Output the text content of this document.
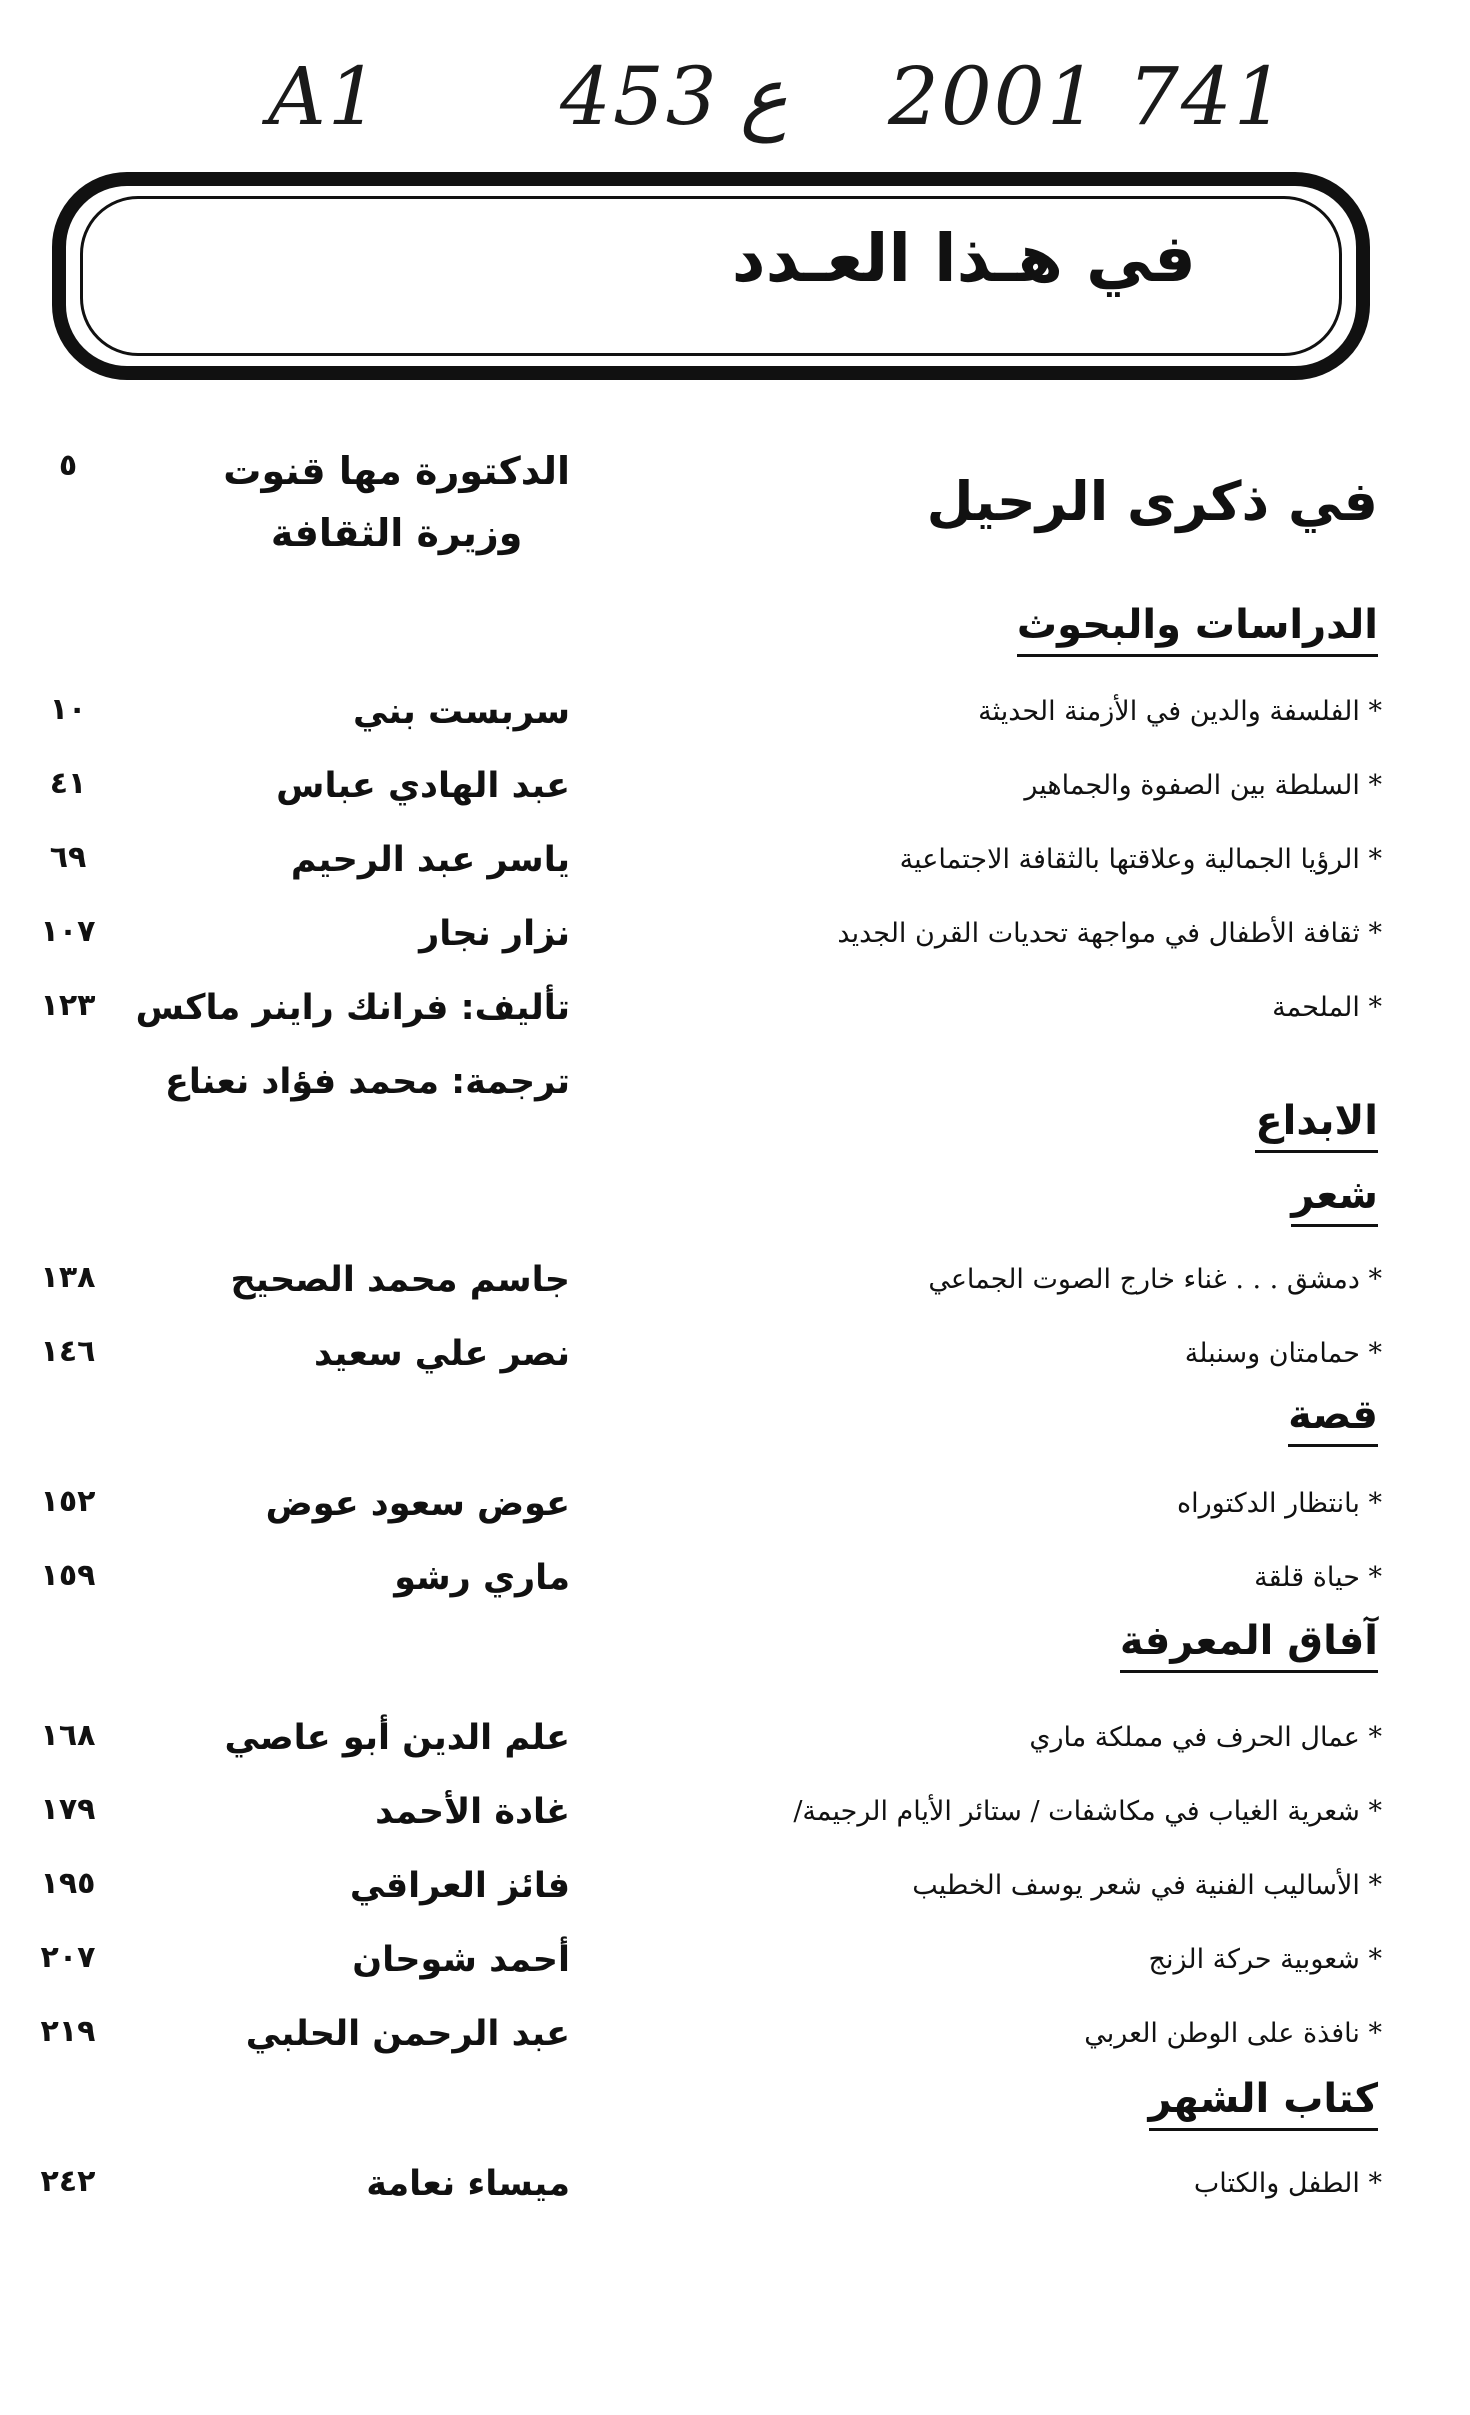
A1 453 ع 2001 741
في هـذا العـدد
في ذكرى الرحيل
الدكتورة مها قنوت
وزيرة الثقافة
٥
الدراسات والبحوث
* الفلسفة والدين في الأزمنة الحديثة
سربست بني
١٠
* السلطة بين الصفوة والجماهير
عبد الهادي عباس
٤١
* الرؤيا الجمالية وعلاقتها بالثقافة الاجتماعية
ياسر عبد الرحيم
٦٩
* ثقافة الأطفال في مواجهة تحديات القرن الجديد
نزار نجار
١٠٧
* الملحمة
تأليف: فرانك راينر ماكس
١٢٣
ترجمة: محمد فؤاد نعناع
الابداع
شعر
* دمشق . . . غناء خارج الصوت الجماعي
جاسم محمد الصحيح
١٣٨
* حمامتان وسنبلة
نصر علي سعيد
١٤٦
قصة
* بانتظار الدكتوراه
عوض سعود عوض
١٥٢
* حياة قلقة
ماري رشو
١٥٩
آفاق المعرفة
* عمال الحرف في مملكة ماري
علم الدين أبو عاصي
١٦٨
* شعرية الغياب في مكاشفات / ستائر الأيام الرجيمة/
غادة الأحمد
١٧٩
* الأساليب الفنية في شعر يوسف الخطيب
فائز العراقي
١٩٥
* شعوبية حركة الزنج
أحمد شوحان
٢٠٧
* نافذة على الوطن العربي
عبد الرحمن الحلبي
٢١٩
كتاب الشهر
* الطفل والكتاب
ميساء نعامة
٢٤٢
